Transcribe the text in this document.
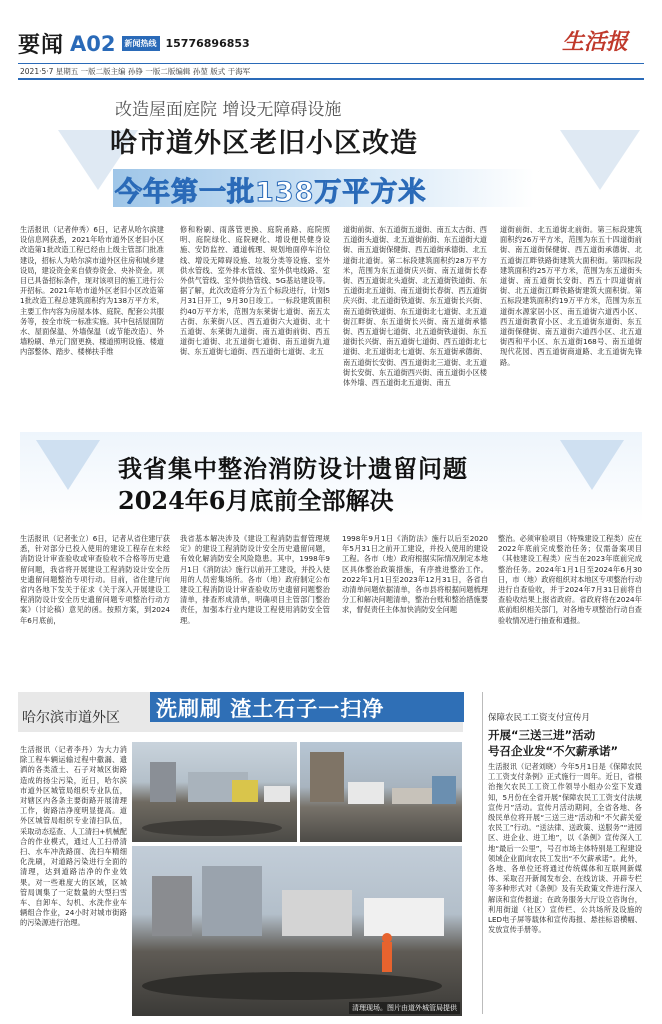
要闻 A02	新闻热线 15776896853	生活报
2021·5·7 星期五 一版二版主编 孙铮 一版二版编辑 孙堃 版式 于海军
改造屋面庭院 增设无障碍设施
哈市道外区老旧小区改造
今年第一批138万平方米
生活报讯（记者仲秀）6日，记者从哈尔滨建设信息网获悉，2021年哈市道外区老旧小区改造第1批改造工程已经由上级主管部门批准建设，招标人为哈尔滨市道外区住房和城乡建设局，建设资金来自债券资金、央补资金。项目已具备招标条件，现对该项目的施工进行公开招标。2021年哈市道外区老旧小区改造第1批改造工程总建筑面积约为138万平方米，主要工作内容为房屋本体、庭院、配套公共服务等，按全市统一标准实施。其中包括屋面防水、屋面保温、外墙保温（或节能改造）、外墙粉刷、单元门窗更换、楼道照明设施、楼道内部整体、踏步、楼梯扶手维
修和粉刷、雨落管更换、庭院甬路、庭院照明、庭院绿化、庭院硬化、增设便民健身设施、安防监控、通道梳理、规划地面停车泊位线、增设无障碍设施、垃圾分类等设施、室外供水管线、室外排水管线、室外供电线路、室外供气管线、室外供热管线、5G基站建设等。据了解，此次改造将分为五个标段进行，计划5月31日开工，9月30日竣工。一标段建筑面积约40万平方米，范围为东莱街七道街、南五太古街、东莱街八区、西五道街六大道街、北十五道街、东莱街九道街、南五道街前街、西五道街七道街、北五道街七道街、南五道街九道街、东五道街七道街、西五道街七道街、北五
道街前街、东五道街五道街、南五太古街、西五道街头道街、北五道街前街、东五道街大道街、南五道街保健街、西五道街承德街、北五道街北道街。第二标段建筑面积约28万平方米，范围为东五道街庆兴街、南五道街长春街、西五道街北头道街、北五道街铁道街、东五道街北五道街、南五道街长春街、西五道街庆兴街、北五道街铁道街、东五道街长兴街、南五道街铁道街、东五道街北七道街、北五道街江畔街、东五道街长兴街、南五道街承德街、西五道街七道街、北五道街铁道街、东五道街长兴街、南五道街七道街、西五道街北七道街、北五道街北七道街、东五道街承德街、南五道街长安街、西五道街北三道街、北五道街长安街、东五道街西兴街、南五道街小区楼体外墙、西五道街北五道街、南五
道街前街、北五道街北前街。第三标段建筑面积约26万平方米，范围为东五十四道街前街、南五道街保健街、西五道街承德街、北五道街江畔铁路街建筑大面积街。第四标段建筑面积约25万平方米，范围为东五道街头道街、南五道街长安街、西五十四道街前街、北五道街江畔铁路街建筑大面积街。第五标段建筑面积约19万平方米，范围为东五道街水源家居小区、南五道街六道西小区、西五道街教育小区、北五道街东道街、东五道街保健街、南五道街六道西小区、北五道街西和平小区、东五道街168号、南五道街现代花园、西五道街商道路、北五道街先锋路。
我省集中整治消防设计遗留问题
2024年6月底前全部解决
生活报讯（记者张立）6日，记者从省住建厅获悉，针对部分已投入使用的建设工程存在未经消防设计审查验收或审查验收不合格等历史遗留问题，我省将开展建设工程消防设计安全历史遗留问题整治专项行动。目前，省住建厅向省内各地下发关于征求《关于深入开展建设工程消防设计安全历史遗留问题专项整治行动方案》（讨论稿）意见的函。按照方案，到2024年6月底前，
我省基本解决涉及《建设工程消防监督管理规定》的建设工程消防设计安全历史遗留问题，有效化解消防安全风险隐患。其中，1998年9月1日《消防法》施行以前开工建设，并投入使用的人员密集场所。各市（地）政府制定公布建设工程消防设计审查验收历史遗留问题整治清单，排查形成清单，明确项目主管部门整治责任，加强本行业内建设工程使用消防安全管理。
1998年9月1日《消防法》施行以后至2020年5月31日之前开工建设，并投入使用的建设工程。各市（地）政府根据实际情况制定本地区具体整治政策措施，有序推进整治工作。2022年1月1日至2023年12月31日，各省自动清单问题依据清单，各市县将根据问题梳理分工和解决问题清单，整治台账和整治措施要求，督促责任主体加快消防安全问题
整治。必须审验项目（特殊建设工程类）应在2022年底前完成整治任务；仅需备案项目（其他建设工程类）应当在2023年底前完成整治任务。2024年1月1日至2024年6月30日，市（地）政府组织对本地区专项整治行动进行自查验收，并于2024年7月31日前将自查验收结果上报省政府。省政府将在2024年底前组织相关部门，对各地专项整治行动自查验收情况进行抽查和通报。
哈尔滨市道外区 洗刷刷 渣土石子一扫净
生活报讯（记者李丹）为大力消除工程车辆运输过程中撒漏、遗洒的各类渣土、石子对城区街路造成的扬尘污染，近日，哈尔滨市道外区城管局组织专业队伍，对辖区内各条主要街路开展清理工作，街路洁净度明显提高。道外区城管局组织专业清扫队伍，采取动态巡查、人工清扫+机械配合的作业模式，通过人工扫帚清扫、水车冲洗路面、洗扫车精细化洗刷，对道路污染进行全面的清理，达到道路洁净的作业效果。对一些难度大的区域，区城管局调集了一定数量的大型扫雪车、自卸车、勾机、水洗作业车辆组合作业，24小时对城市街路的污染源进行治理。
清理现场。图片由道外城管局提供
保障农民工工资支付宣传月
开展“三送三进”活动
号召企业发“不欠薪承诺”
生活报讯（记者刘晓）今年5月1日是《保障农民工工资支付条例》正式施行一周年。近日，省根治拖欠农民工工资工作领导小组办公室下发通知，5月份在全省开展“保障农民工工资支付法规宣传月”活动。宣传月活动期间，全省各地、各级民单位将开展“三送三进”活动和“不欠薪关爱农民工”行动。“送法律、送政策、送服务”“进园区、进企业、进工地”，以《条例》宣传深入工地“最后一公里”，号召市场主体特别是工程建设领域企业面向农民工发出“不欠薪承诺”。此外，各地、各单位还将通过传统媒体和互联网新媒体、采取召开新闻发布会、在线访谈、开辟专栏等多种形式对《条例》及有关政策文件进行深入解读和宣传报道；在政务服务大厅设立咨询台，利用街道（社区）宣传栏、公共场所及设施的LED电子屏等载体和宣传海报、悬挂标语横幅、发放宣传手册等。
